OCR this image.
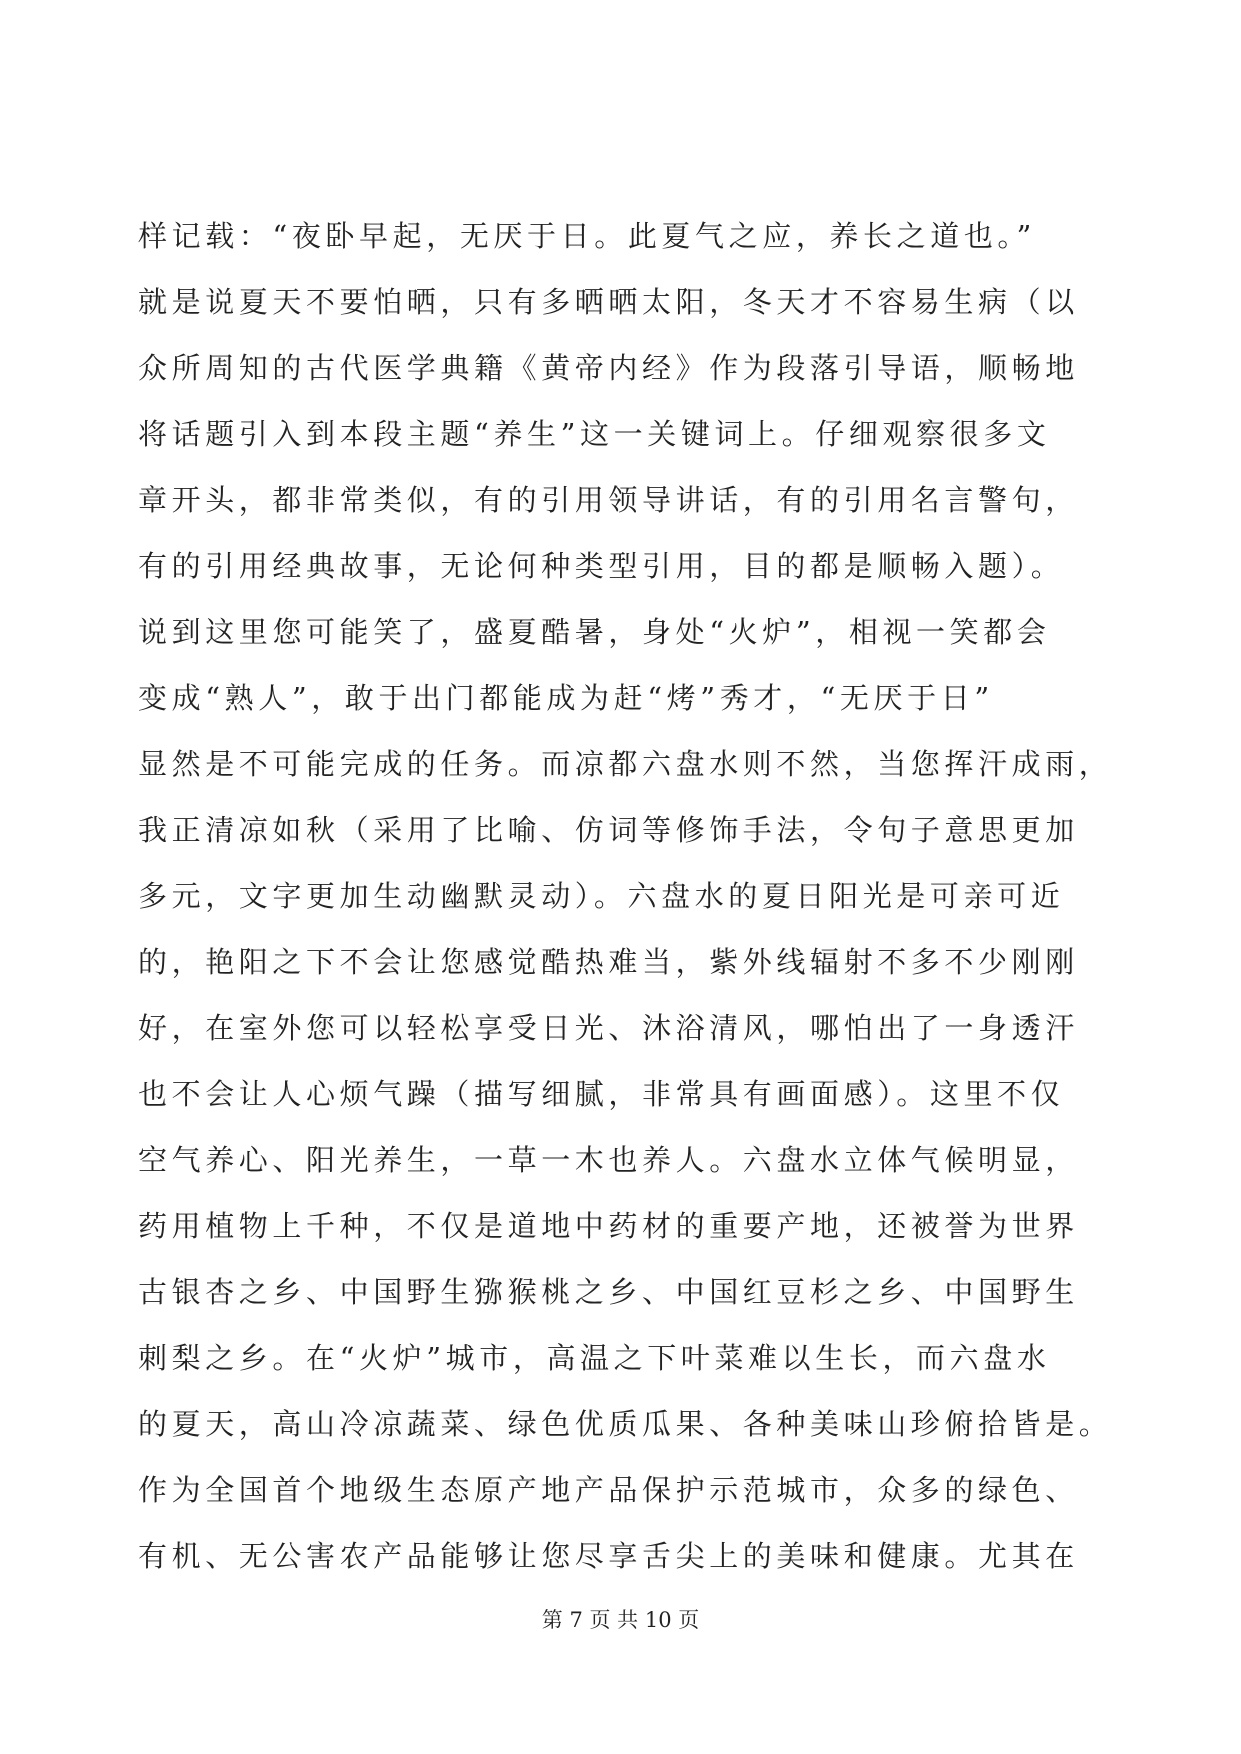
样记载：“夜卧早起，无厌于日。此夏气之应，养长之道也。”
就是说夏天不要怕晒，只有多晒晒太阳，冬天才不容易生病（以
众所周知的古代医学典籍《黄帝内经》作为段落引导语，顺畅地
将话题引入到本段主题“养生”这一关键词上。仔细观察很多文
章开头，都非常类似，有的引用领导讲话，有的引用名言警句，
有的引用经典故事，无论何种类型引用，目的都是顺畅入题）。
说到这里您可能笑了，盛夏酷暑，身处“火炉”，相视一笑都会
变成“熟人”，敢于出门都能成为赶“烤”秀才，“无厌于日”
显然是不可能完成的任务。而凉都六盘水则不然，当您挥汗成雨，
我正清凉如秋（采用了比喻、仿词等修饰手法，令句子意思更加
多元，文字更加生动幽默灵动）。六盘水的夏日阳光是可亲可近
的，艳阳之下不会让您感觉酷热难当，紫外线辐射不多不少刚刚
好，在室外您可以轻松享受日光、沐浴清风，哪怕出了一身透汗
也不会让人心烦气躁（描写细腻，非常具有画面感）。这里不仅
空气养心、阳光养生，一草一木也养人。六盘水立体气候明显，
药用植物上千种，不仅是道地中药材的重要产地，还被誉为世界
古银杏之乡、中国野生猕猴桃之乡、中国红豆杉之乡、中国野生
刺梨之乡。在“火炉”城市，高温之下叶菜难以生长，而六盘水
的夏天，高山冷凉蔬菜、绿色优质瓜果、各种美味山珍俯拾皆是。
作为全国首个地级生态原产地产品保护示范城市，众多的绿色、
有机、无公害农产品能够让您尽享舌尖上的美味和健康。尤其在
第 7 页 共 10 页
